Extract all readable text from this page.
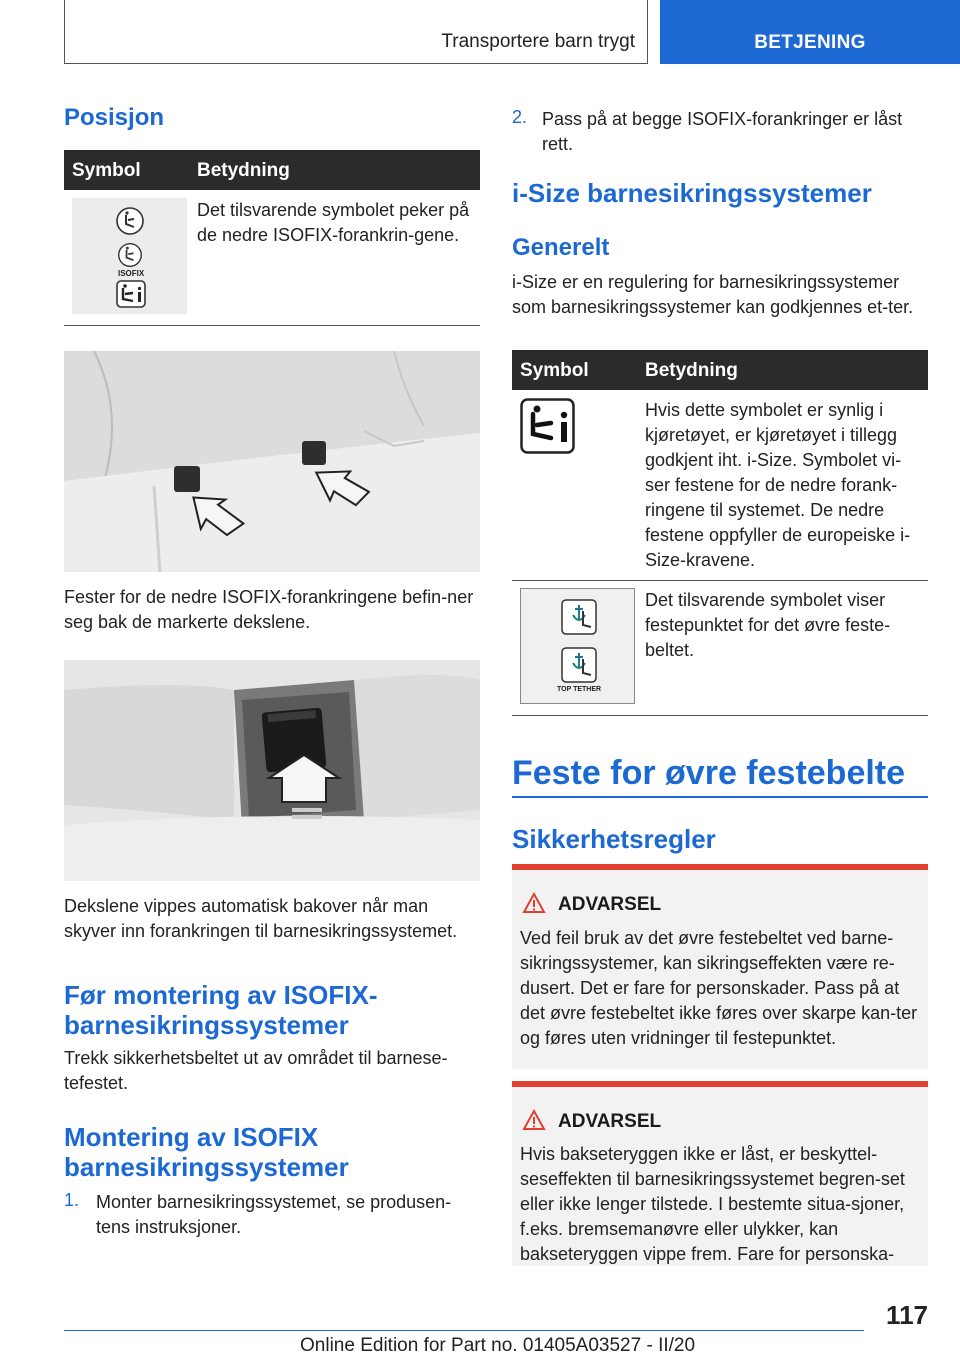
Transportere barn trygt	BETJENING
Posisjon
Symbol	Betydning
ISOFIX
Det tilsvarende symbolet peker på de nedre ISOFIX-forankrin-gene.

Fester for de nedre ISOFIX-forankringene befin-ner seg bak de markerte dekslene.

Dekslene vippes automatisk bakover når man skyver inn forankringen til barnesikringssystemet.

Før montering av ISOFIX-barnesikringssystemer

Trekk sikkerhetsbeltet ut av området til barnese-tefestet.

Montering av ISOFIX barnesikringssystemer
1. Monter barnesikringssystemet, se produsen-tens instruksjoner.

2. Pass på at begge ISOFIX-forankringer er låst rett.

i-Size barnesikringssystemer
Generelt

i-Size er en regulering for barnesikringssystemer som barnesikringssystemer kan godkjennes et-ter.

Symbol	Betydning
Hvis dette symbolet er synlig i kjøretøyet, er kjøretøyet i tillegg godkjent iht. i-Size. Symbolet vi-ser festene for de nedre forank-ringene til systemet. De nedre festene oppfyller de europeiske i-Size-kravene.
TOP TETHER
Det tilsvarende symbolet viser festepunktet for det øvre feste-beltet.
Feste for øvre festebelte
Sikkerhetsregler
ADVARSEL

Ved feil bruk av det øvre festebeltet ved barne-sikringssystemer, kan sikringseffekten være re-dusert. Det er fare for personskader. Pass på at det øvre festebeltet ikke føres over skarpe kan-ter og føres uten vridninger til festepunktet.

ADVARSEL

Hvis bakseteryggen ikke er låst, er beskyttel-seseffekten til barnesikringssystemet begren-set eller ikke lenger tilstede. I bestemte situa-sjoner, f.eks. bremsemanøvre eller ulykker, kan bakseteryggen vippe frem. Fare for personska-

117
Online Edition for Part no. 01405A03527 - II/20
